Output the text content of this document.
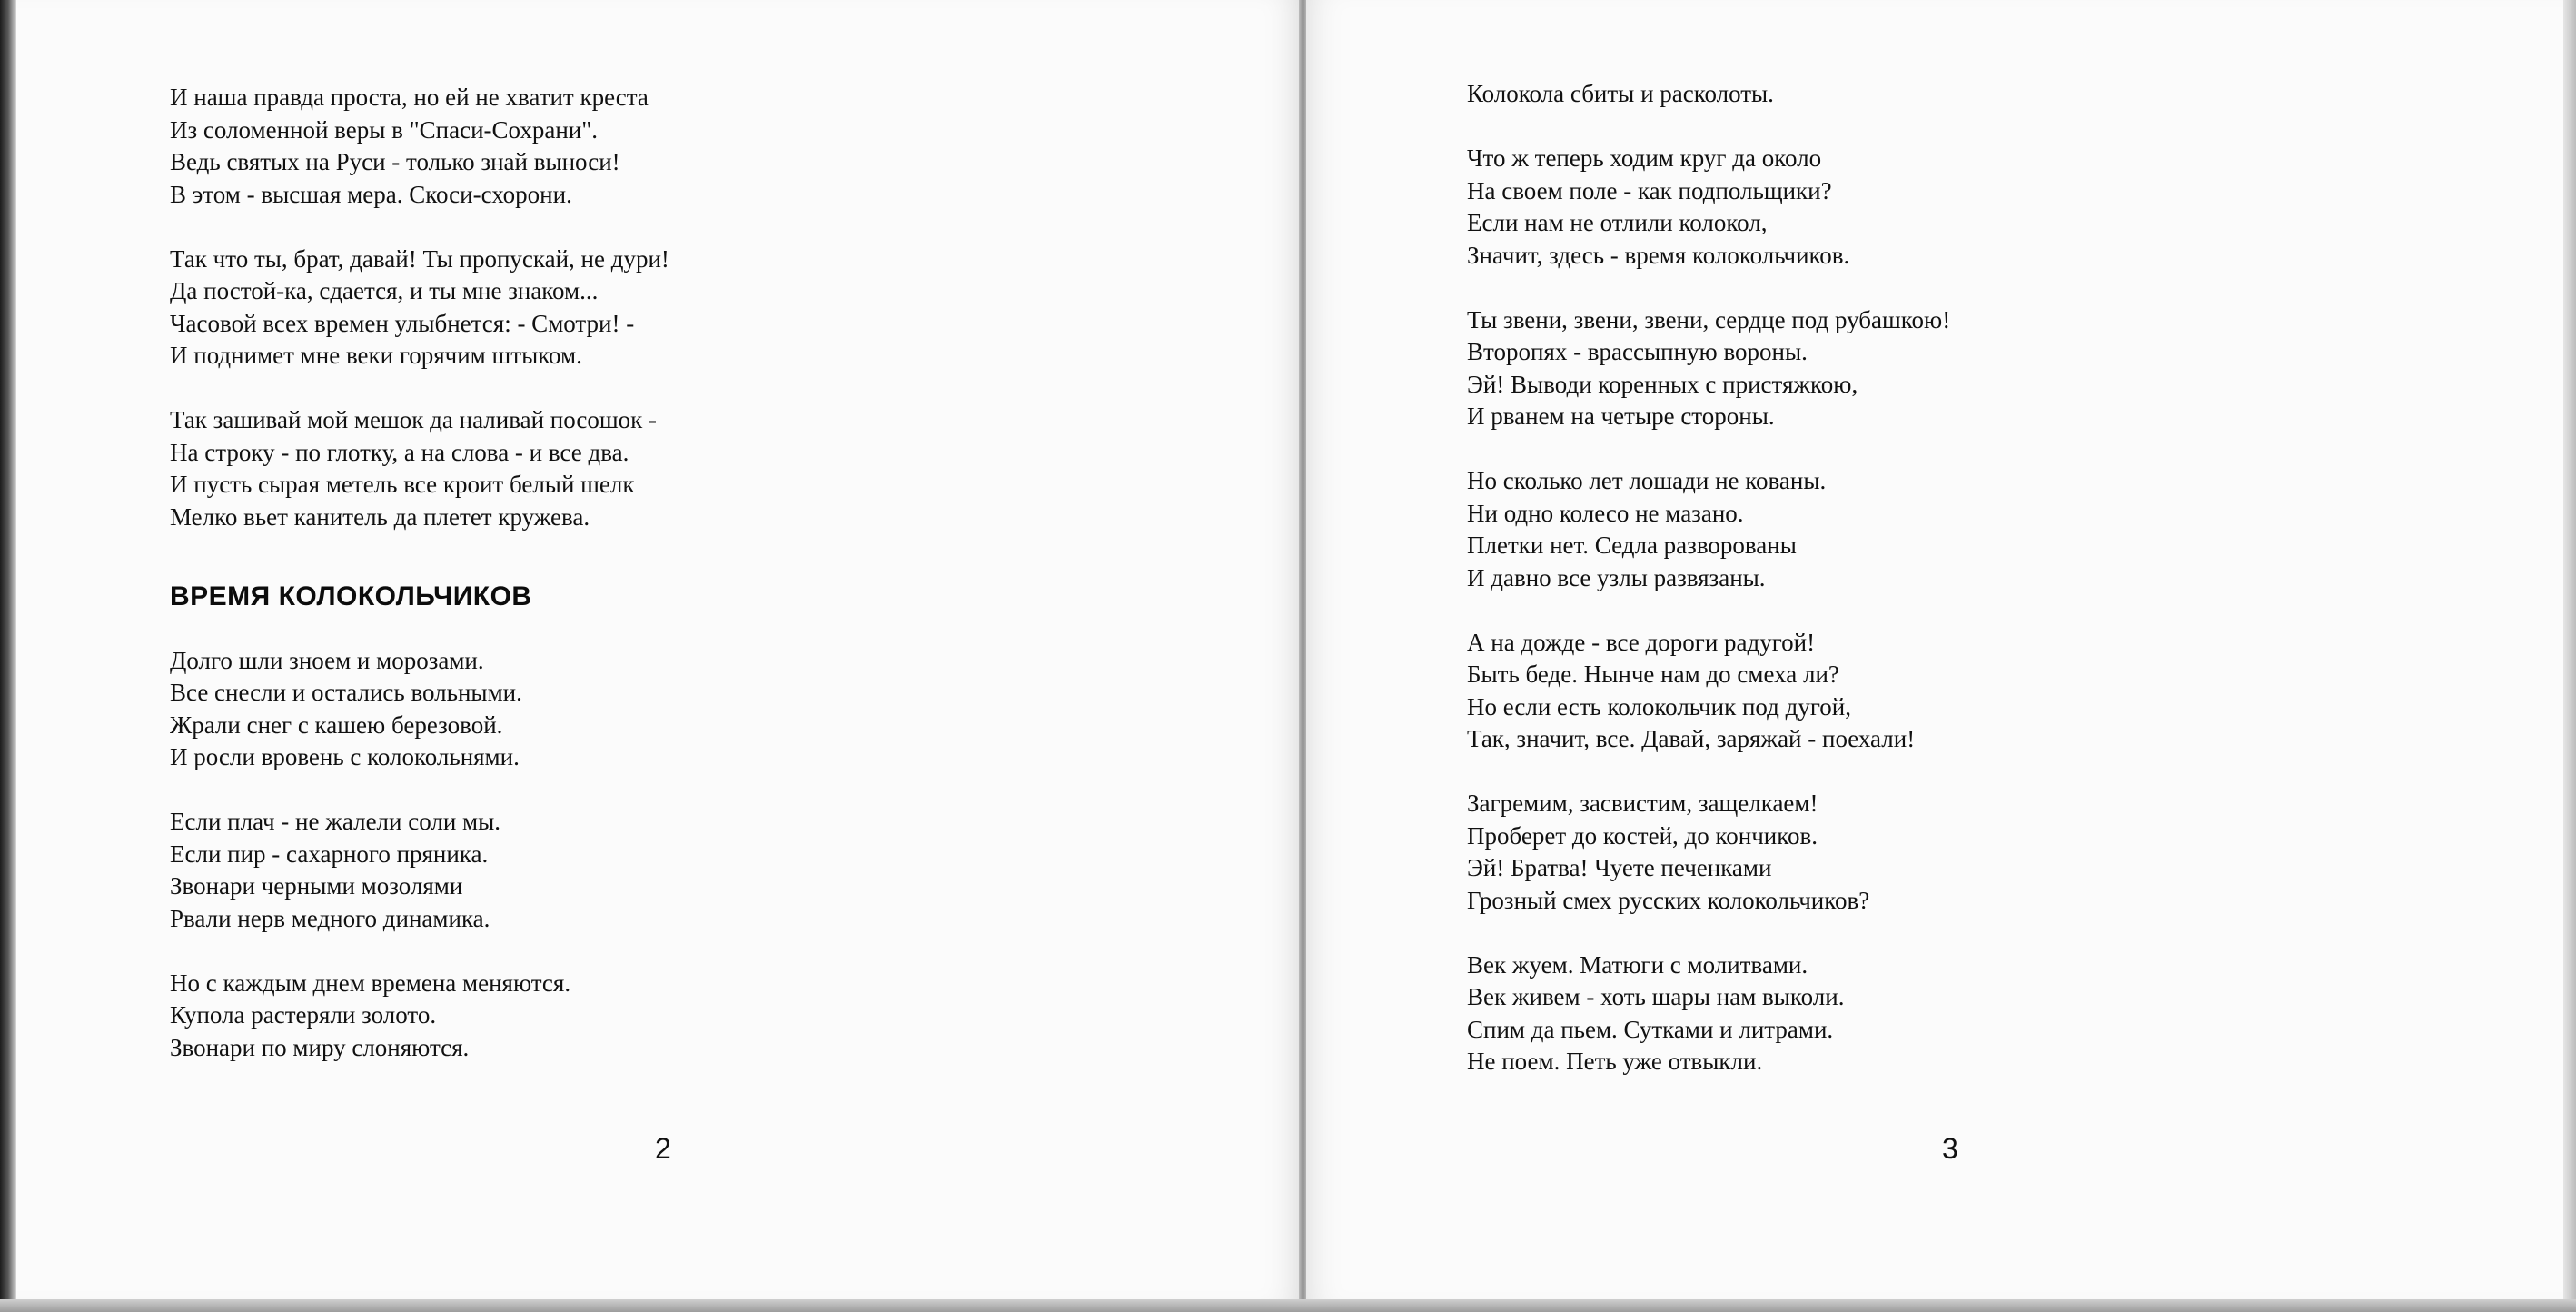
И наша правда проста, но ей не хватит креста
Из соломенной веры в "Спаси-Сохрани".
Ведь святых на Руси - только знай выноси!
В этом - высшая мера. Скоси-схорони.
Так что ты, брат, давай! Ты пропускай, не дури!
Да постой-ка, сдается, и ты мне знаком...
Часовой всех времен улыбнется: - Смотри! -
И поднимет мне веки горячим штыком.
Так зашивай мой мешок да наливай посошок -
На строку - по глотку, а на слова - и все два.
И пусть сырая метель все кроит белый шелк
Мелко вьет канитель да плетет кружева.
ВРЕМЯ КОЛОКОЛЬЧИКОВ
Долго шли зноем и морозами.
Все снесли и остались вольными.
Жрали снег с кашею березовой.
И росли вровень с колокольнями.
Если плач - не жалели соли мы.
Если пир - сахарного пряника.
Звонари черными мозолями
Рвали нерв медного динамика.
Но с каждым днем времена меняются.
Купола растеряли золото.
Звонари по миру слоняются.
2
Колокола сбиты и расколоты.
Что ж теперь ходим круг да около
На своем поле - как подпольщики?
Если нам не отлили колокол,
Значит, здесь - время колокольчиков.
Ты звени, звени, звени, сердце под рубашкою!
Второпях - врассыпную вороны.
Эй! Выводи коренных с пристяжкою,
И рванем на четыре стороны.
Но сколько лет лошади не кованы.
Ни одно колесо не мазано.
Плетки нет. Седла разворованы
И давно все узлы развязаны.
А на дожде - все дороги радугой!
Быть беде. Нынче нам до смеха ли?
Но если есть колокольчик под дугой,
Так, значит, все. Давай, заряжай - поехали!
Загремим, засвистим, защелкаем!
Проберет до костей, до кончиков.
Эй! Братва! Чуете печенками
Грозный смех русских колокольчиков?
Век жуем. Матюги с молитвами.
Век живем - хоть шары нам выколи.
Спим да пьем. Сутками и литрами.
Не поем. Петь уже отвыкли.
3
